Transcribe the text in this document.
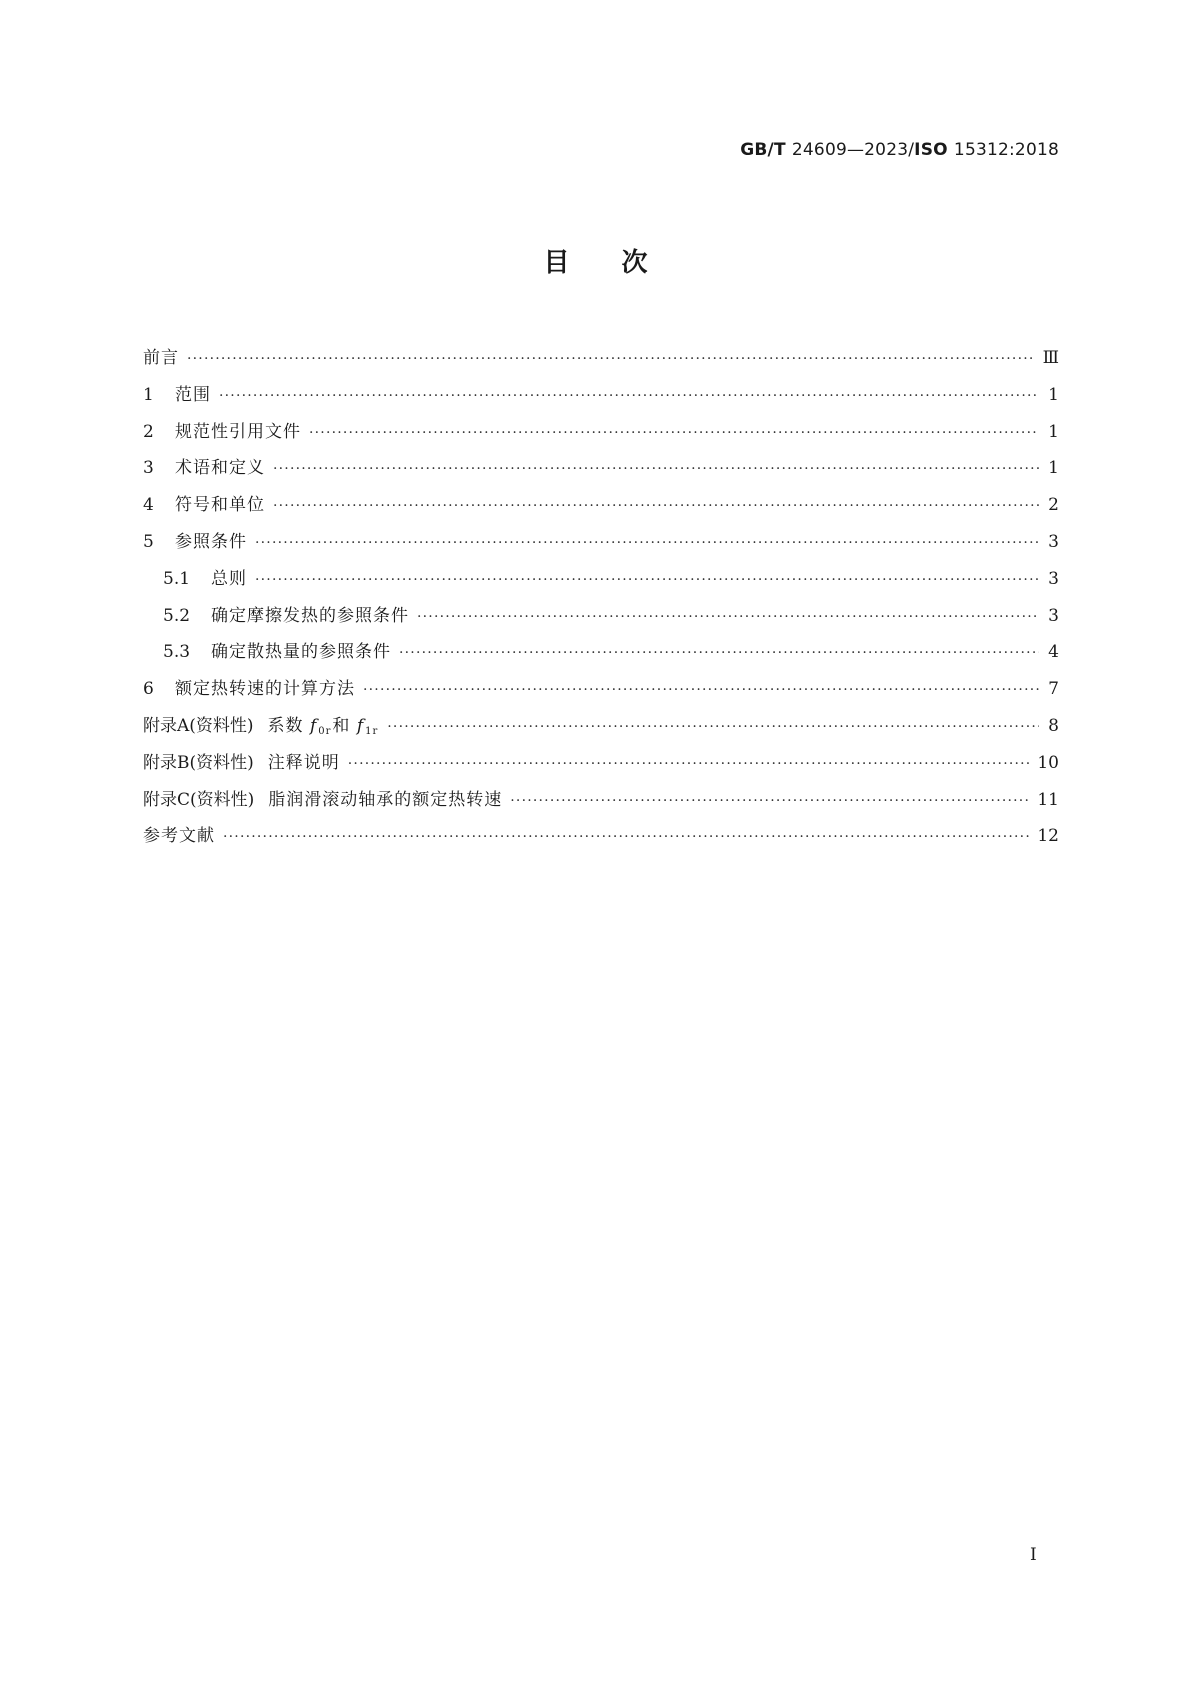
GB/T 24609—2023/ISO 15312:2018
目次
前言 ·····	Ⅲ
1	范围 ·····	1
2	规范性引用文件 ·····	1
3	术语和定义 ·····	1
4	符号和单位 ·····	2
5	参照条件 ·····	3
5.1	总则 ·····	3
5.2	确定摩擦发热的参照条件 ·····	3
5.3	确定散热量的参照条件 ·····	4
6	额定热转速的计算方法 ·····	7
附录A(资料性) 系数 f0r和 f1r ·····	8
附录B(资料性) 注释说明 ·····	10
附录C(资料性) 脂润滑滚动轴承的额定热转速 ·····	11
参考文献 ·····	12
Ⅰ
